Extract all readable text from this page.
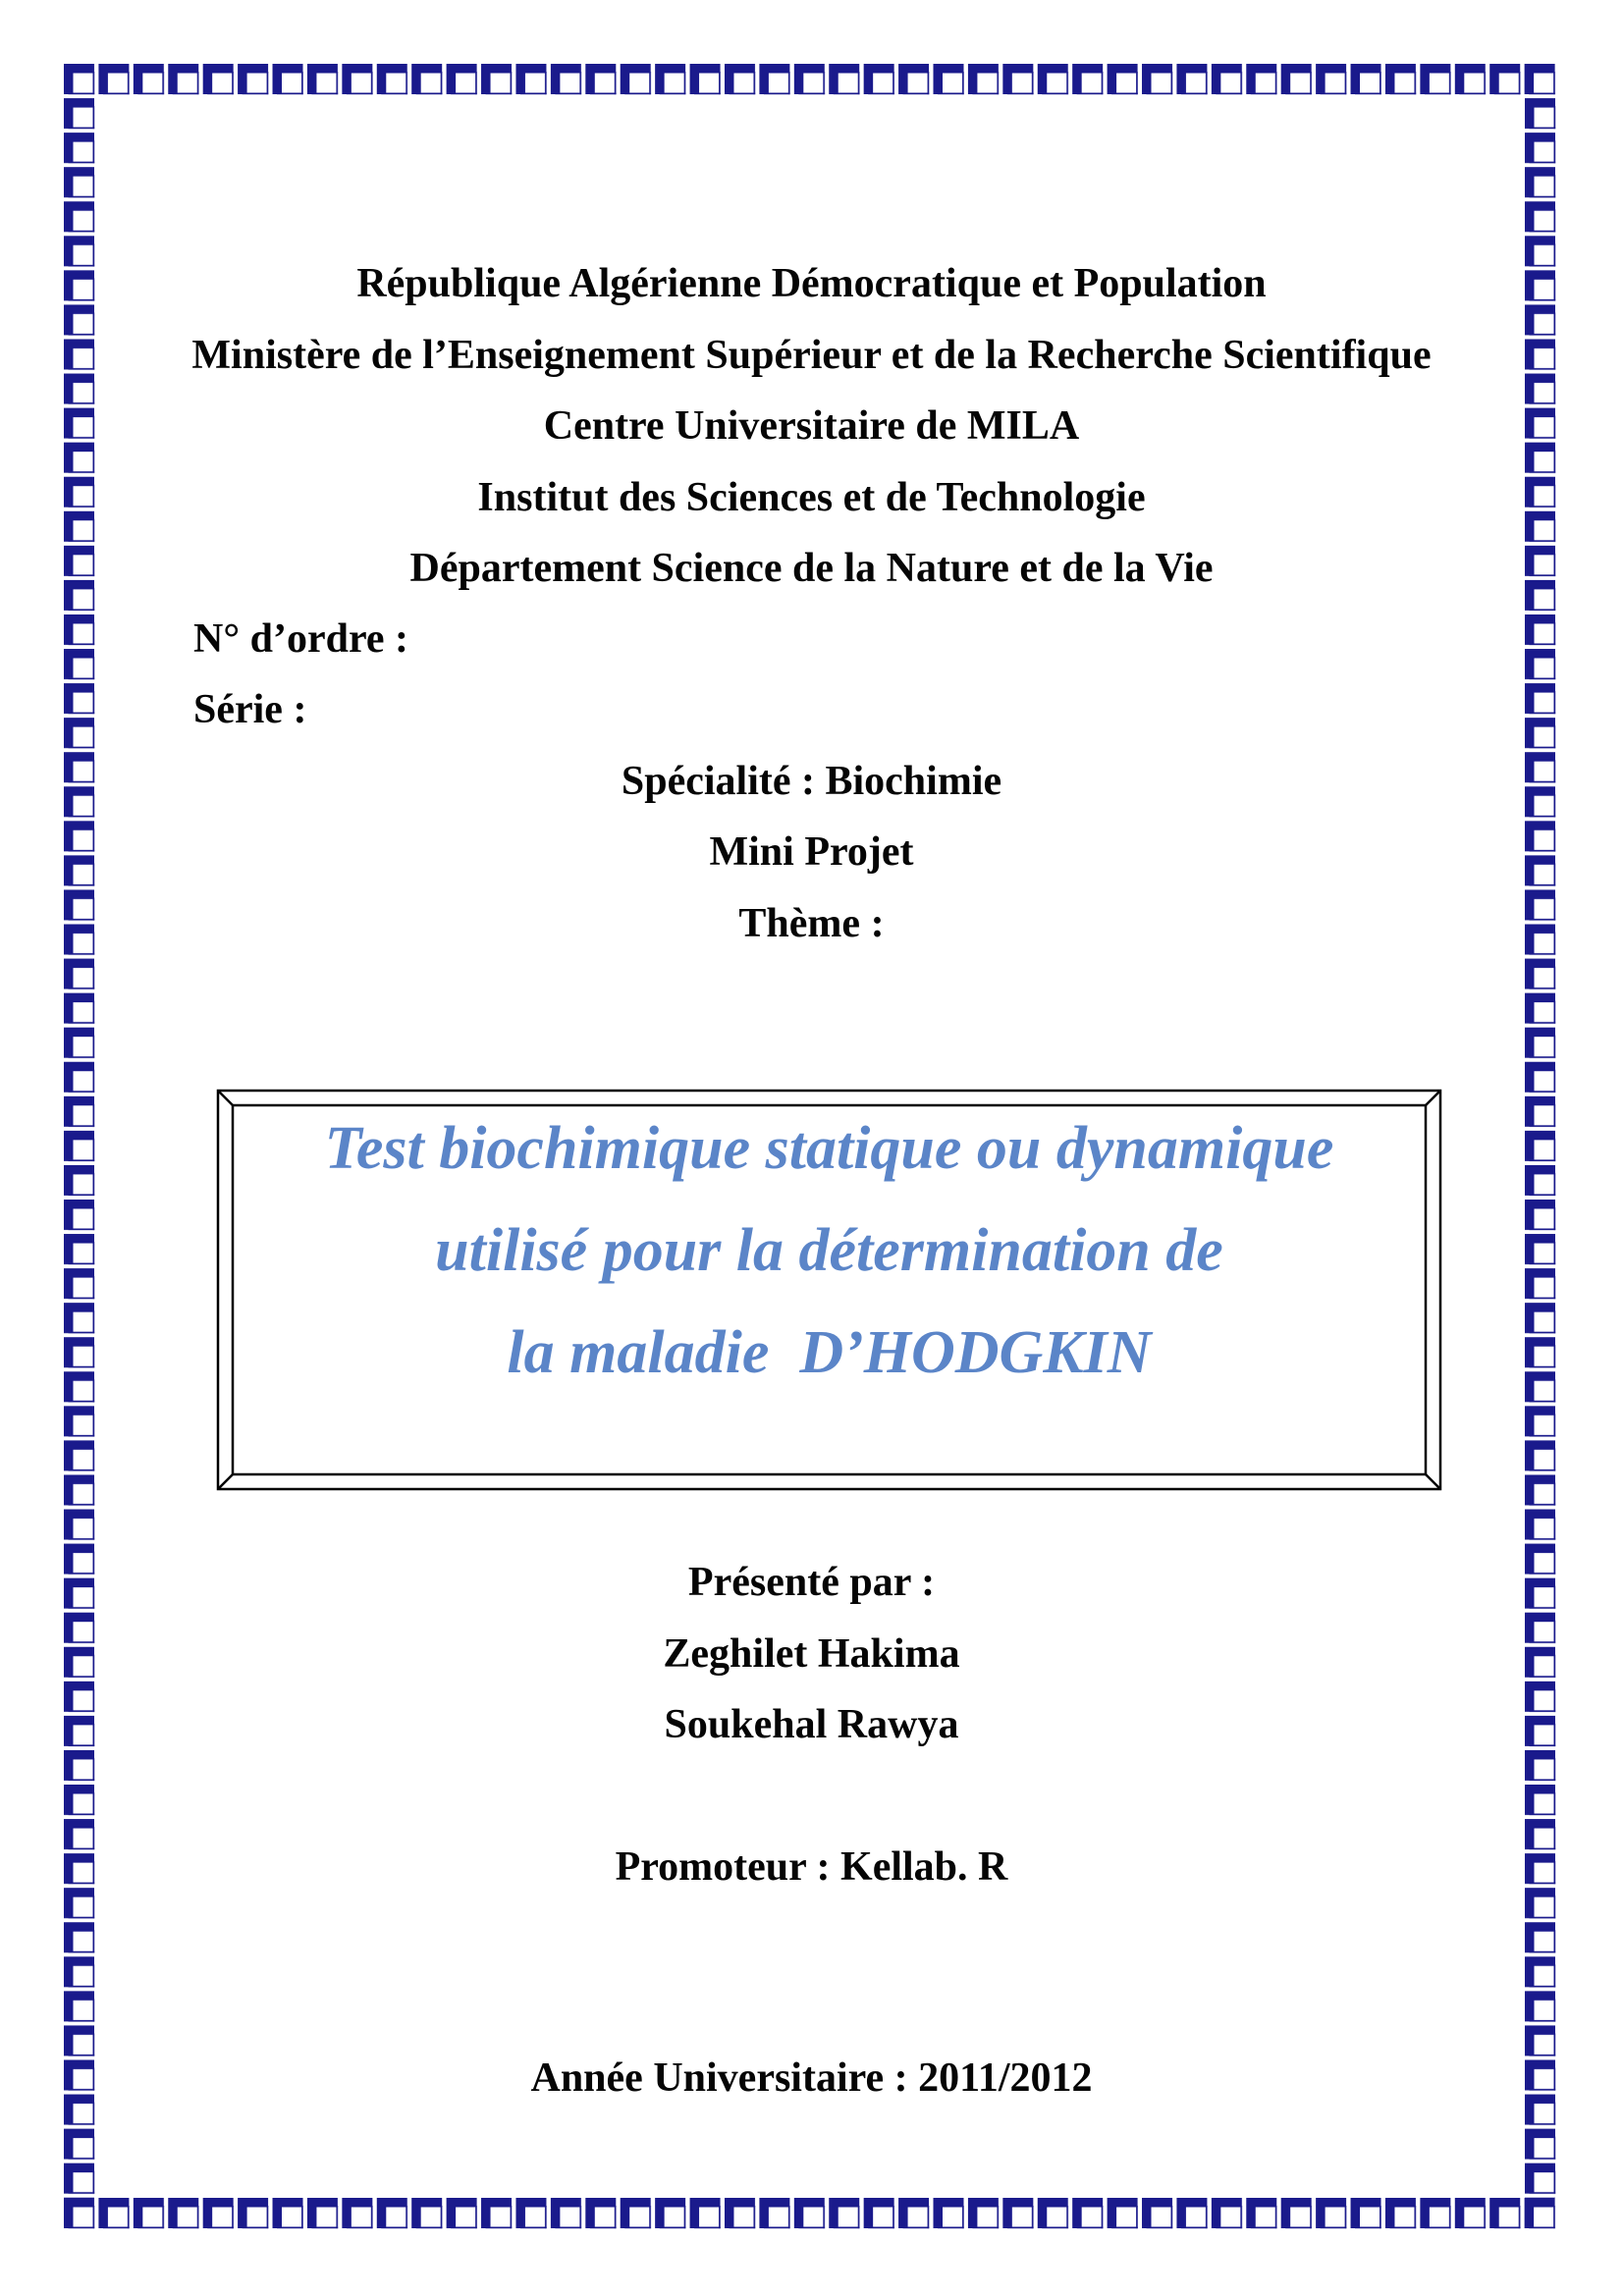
République Algérienne Démocratique et Population
Ministère de l’Enseignement Supérieur et de la Recherche Scientifique
Centre Universitaire de MILA
Institut des Sciences et de Technologie
Département Science de la Nature et de la Vie
N° d’ordre :
Série :
Spécialité : Biochimie
Mini Projet
Thème :
Test biochimique statique ou dynamique
utilisé pour la détermination de
la maladie  D’HODGKIN
Présenté par :
Zeghilet Hakima
Soukehal Rawya
Promoteur : Kellab. R
Année Universitaire : 2011/2012
